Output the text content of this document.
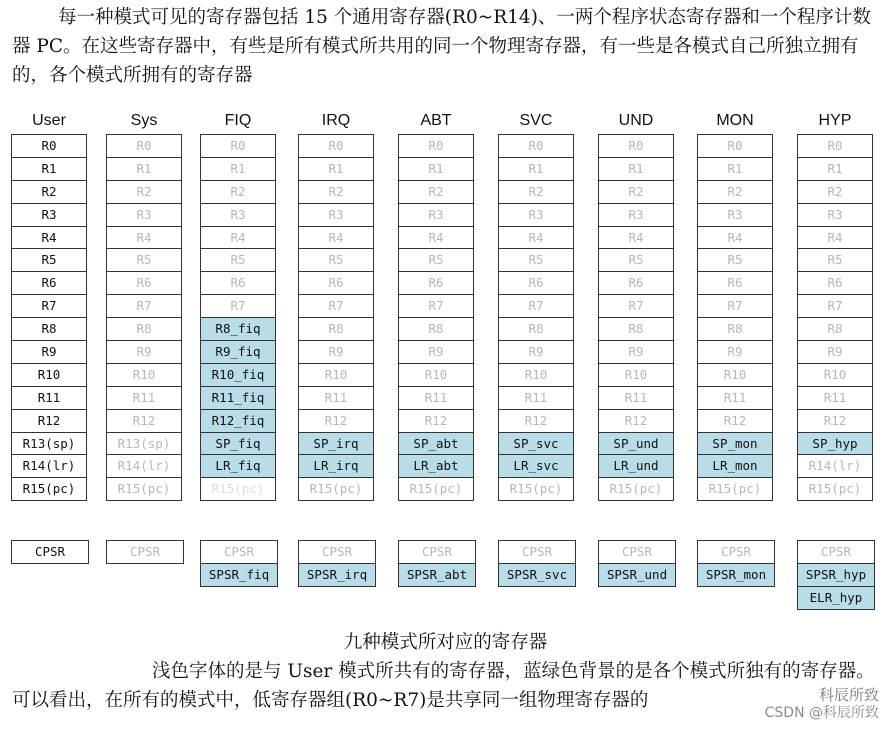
每一种模式可见的寄存器包括 15 个通用寄存器(R0~R14)、一两个程序状态寄存器和一个程序计数器 PC。在这些寄存器中，有些是所有模式所共用的同一个物理寄存器，有一些是各模式自己所独立拥有的，各个模式所拥有的寄存器

User
R0
R1
R2
R3
R4
R5
R6
R7
R8
R9
R10
R11
R12
R13(sp)
R14(lr)
R15(pc)
CPSR
Sys
R0
R1
R2
R3
R4
R5
R6
R7
R8
R9
R10
R11
R12
R13(sp)
R14(lr)
R15(pc)
CPSR
FIQ
R0
R1
R2
R3
R4
R5
R6
R7
R8_fiq
R9_fiq
R10_fiq
R11_fiq
R12_fiq
SP_fiq
LR_fiq
R15(pc)
CPSR
SPSR_fiq
IRQ
R0
R1
R2
R3
R4
R5
R6
R7
R8
R9
R10
R11
R12
SP_irq
LR_irq
R15(pc)
CPSR
SPSR_irq
ABT
R0
R1
R2
R3
R4
R5
R6
R7
R8
R9
R10
R11
R12
SP_abt
LR_abt
R15(pc)
CPSR
SPSR_abt
SVC
R0
R1
R2
R3
R4
R5
R6
R7
R8
R9
R10
R11
R12
SP_svc
LR_svc
R15(pc)
CPSR
SPSR_svc
UND
R0
R1
R2
R3
R4
R5
R6
R7
R8
R9
R10
R11
R12
SP_und
LR_und
R15(pc)
CPSR
SPSR_und
MON
R0
R1
R2
R3
R4
R5
R6
R7
R8
R9
R10
R11
R12
SP_mon
LR_mon
R15(pc)
CPSR
SPSR_mon
HYP
R0
R1
R2
R3
R4
R5
R6
R7
R8
R9
R10
R11
R12
SP_hyp
R14(lr)
R15(pc)
CPSR
SPSR_hyp
ELR_hyp
九种模式所对应的寄存器

浅色字体的是与 User 模式所共有的寄存器，蓝绿色背景的是各个模式所独有的寄存器。可以看出，在所有的模式中，低寄存器组(R0~R7)是共享同一组物理寄存器的	科辰所致
CSDN @科辰所致
